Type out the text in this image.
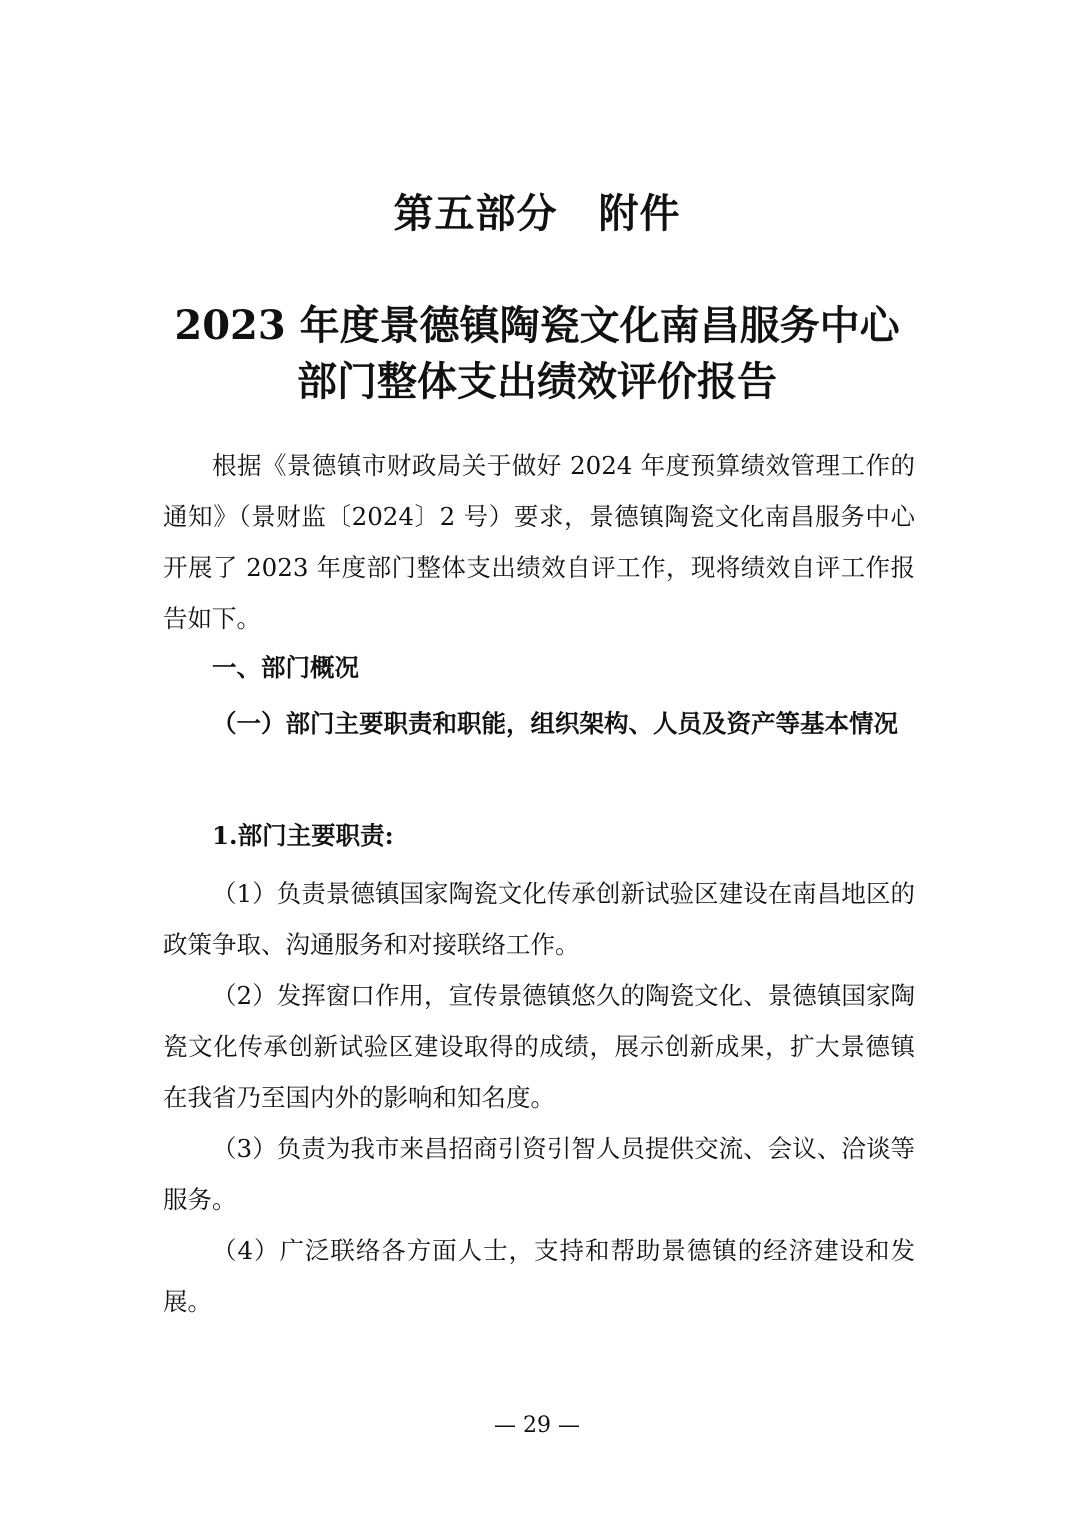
第五部分　附件
2023 年度景德镇陶瓷文化南昌服务中心
部门整体支出绩效评价报告

根据《景德镇市财政局关于做好 2024 年度预算绩效管理工作的通知》（景财监〔2024〕2 号）要求，景德镇陶瓷文化南昌服务中心开展了 2023 年度部门整体支出绩效自评工作，现将绩效自评工作报告如下。

一、部门概况
（一）部门主要职责和职能，组织架构、人员及资产等基本情况
1.部门主要职责:

（1）负责景德镇国家陶瓷文化传承创新试验区建设在南昌地区的政策争取、沟通服务和对接联络工作。

（2）发挥窗口作用，宣传景德镇悠久的陶瓷文化、景德镇国家陶瓷文化传承创新试验区建设取得的成绩，展示创新成果，扩大景德镇在我省乃至国内外的影响和知名度。

（3）负责为我市来昌招商引资引智人员提供交流、会议、洽谈等服务。

（4）广泛联络各方面人士，支持和帮助景德镇的经济建设和发展。

— 29 —
